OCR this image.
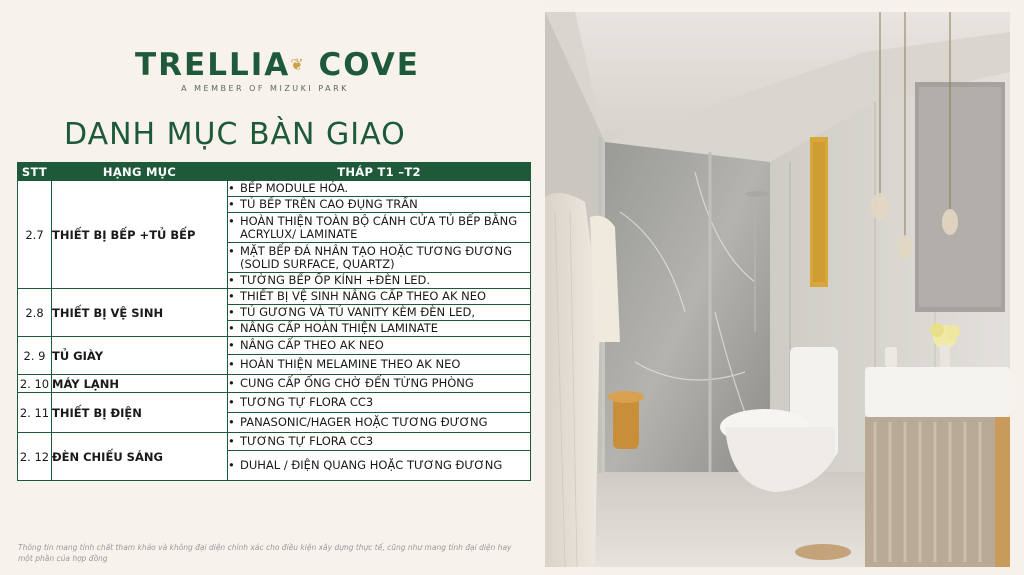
TRELLIA❦ COVE
A MEMBER OF MIZUKI PARK
DANH MỤC BÀN GIAO
STT	HẠNG MỤC	THÁP T1 –T2
2.7	THIẾT BỊ BẾP +TỦ BẾP	• BẾP MODULE HÓA.

		• TỦ BẾP TRÊN CAO ĐỤNG TRẦN

		• HOÀN THIỆN TOÀN BỘ CÁNH CỬA TỦ BẾP BẰNG ACRYLUX/ LAMINATE

		• MẶT BẾP ĐÁ NHÂN TẠO HOẶC TƯƠNG ĐƯƠNG (SOLID SURFACE, QUARTZ)

		• TƯỜNG BẾP ỐP KÍNH +ĐÈN LED.

2.8	THIẾT BỊ VỆ SINH	• THIẾT BỊ VỆ SINH NÂNG CẤP THEO AK NEO

		• TỦ GƯƠNG VÀ TỦ VANITY KÈM ĐÈN LED,

		• NÂNG CẤP HOÀN THIỆN LAMINATE

2. 9	TỦ GIÀY	• NÂNG CẤP THEO AK NEO

		• HOÀN THIỆN MELAMINE THEO AK NEO

2. 10	MÁY LẠNH	• CUNG CẤP ỐNG CHỜ ĐẾN TỪNG PHÒNG

2. 11	THIẾT BỊ ĐIỆN	• TƯƠNG TỰ FLORA CC3

		• PANASONIC/HAGER HOẶC TƯƠNG ĐƯƠNG

2. 12	ĐÈN CHIẾU SÁNG	• TƯƠNG TỰ FLORA CC3

		• DUHAL / ĐIỆN QUANG HOẶC TƯƠNG ĐƯƠNG
Thông tin mang tính chất tham khảo và không đại diện chính xác cho điều kiện xây dựng thực tế, cũng như mang tính đại diện hay một phần của hợp đồng
